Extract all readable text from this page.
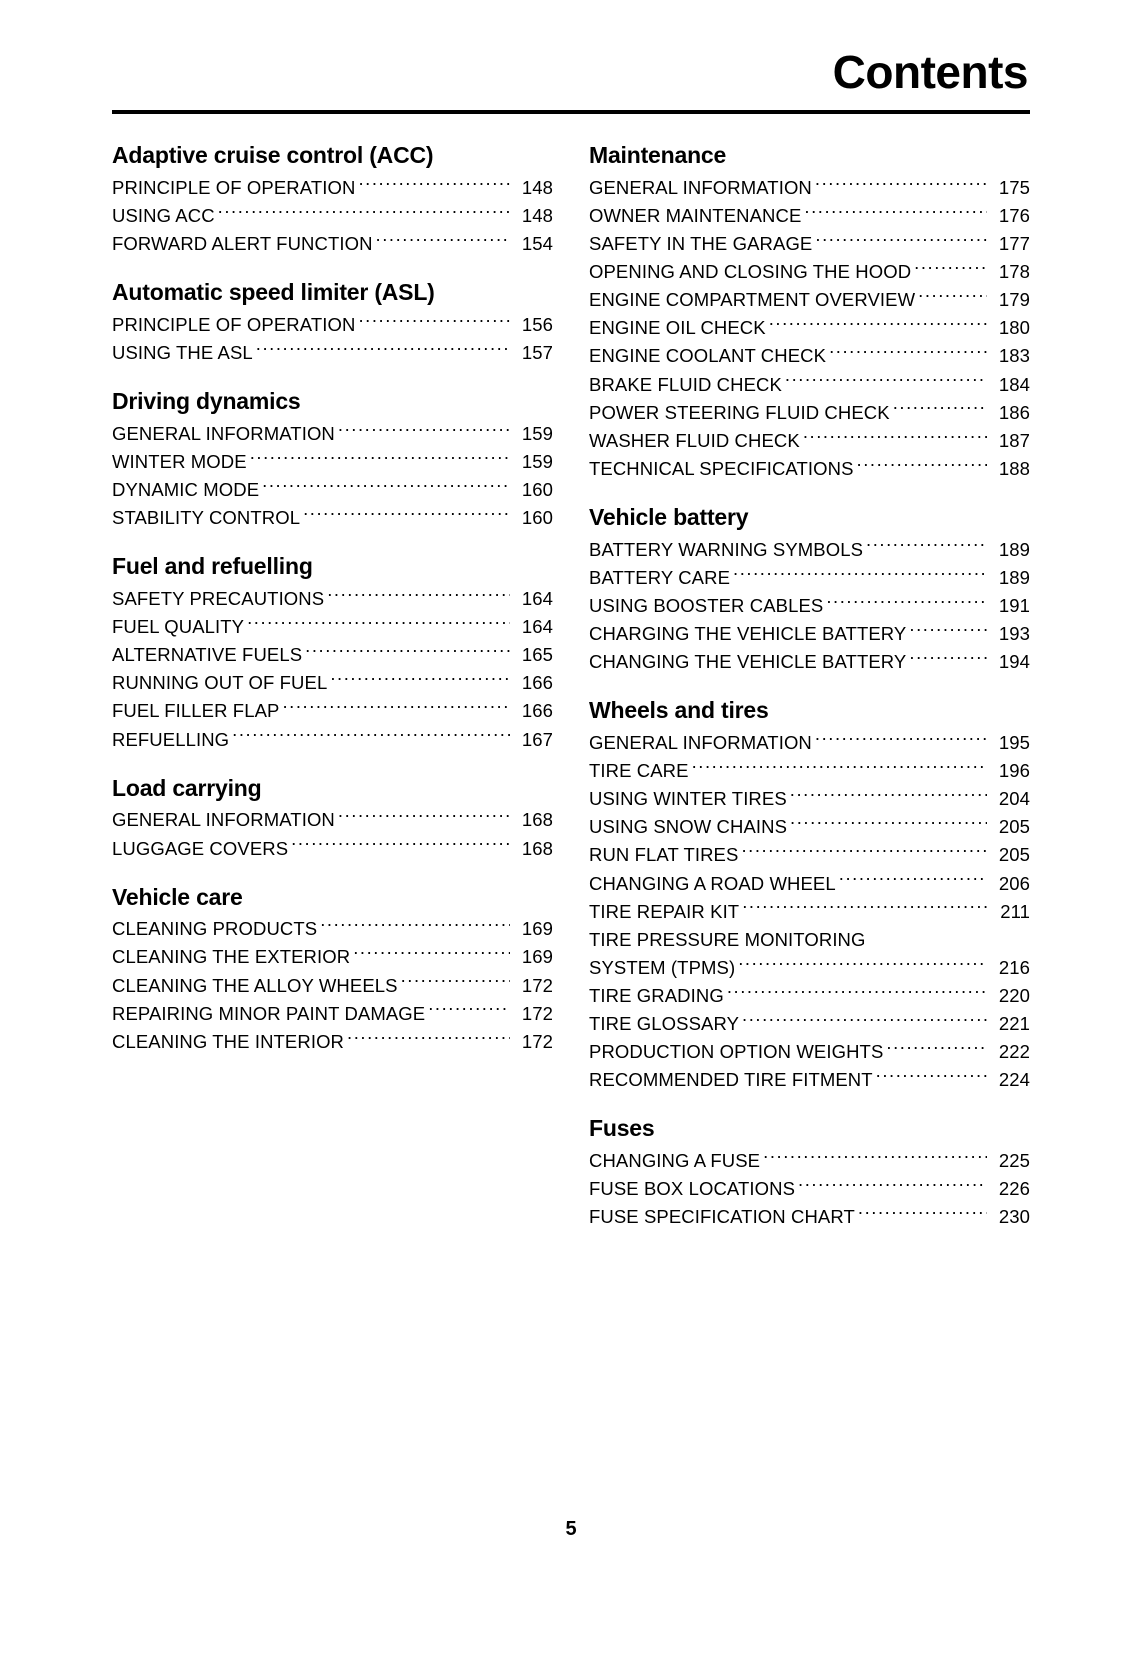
Contents
Adaptive cruise control (ACC)
PRINCIPLE OF OPERATION .....	148
USING ACC .....	148
FORWARD ALERT FUNCTION .....	154
Automatic speed limiter (ASL)
PRINCIPLE OF OPERATION .....	156
USING THE ASL .....	157
Driving dynamics
GENERAL INFORMATION .....	159
WINTER MODE .....	159
DYNAMIC MODE .....	160
STABILITY CONTROL .....	160
Fuel and refuelling
SAFETY PRECAUTIONS .....	164
FUEL QUALITY .....	164
ALTERNATIVE FUELS .....	165
RUNNING OUT OF FUEL .....	166
FUEL FILLER FLAP .....	166
REFUELLING .....	167
Load carrying
GENERAL INFORMATION .....	168
LUGGAGE COVERS .....	168
Vehicle care
CLEANING PRODUCTS .....	169
CLEANING THE EXTERIOR .....	169
CLEANING THE ALLOY WHEELS .....	172
REPAIRING MINOR PAINT DAMAGE .....	172
CLEANING THE INTERIOR .....	172
Maintenance
GENERAL INFORMATION .....	175
OWNER MAINTENANCE .....	176
SAFETY IN THE GARAGE .....	177
OPENING AND CLOSING THE HOOD .....	178
ENGINE COMPARTMENT OVERVIEW .....	179
ENGINE OIL CHECK .....	180
ENGINE COOLANT CHECK .....	183
BRAKE FLUID CHECK .....	184
POWER STEERING FLUID CHECK .....	186
WASHER FLUID CHECK .....	187
TECHNICAL SPECIFICATIONS .....	188
Vehicle battery
BATTERY WARNING SYMBOLS .....	189
BATTERY CARE .....	189
USING BOOSTER CABLES .....	191
CHARGING THE VEHICLE BATTERY .....	193
CHANGING THE VEHICLE BATTERY .....	194
Wheels and tires
GENERAL INFORMATION .....	195
TIRE CARE .....	196
USING WINTER TIRES .....	204
USING SNOW CHAINS .....	205
RUN FLAT TIRES .....	205
CHANGING A ROAD WHEEL .....	206
TIRE REPAIR KIT .....	211
TIRE PRESSURE MONITORING
SYSTEM (TPMS) .....	216
TIRE GRADING .....	220
TIRE GLOSSARY .....	221
PRODUCTION OPTION WEIGHTS .....	222
RECOMMENDED TIRE FITMENT .....	224
Fuses
CHANGING A FUSE .....	225
FUSE BOX LOCATIONS .....	226
FUSE SPECIFICATION CHART .....	230
5
